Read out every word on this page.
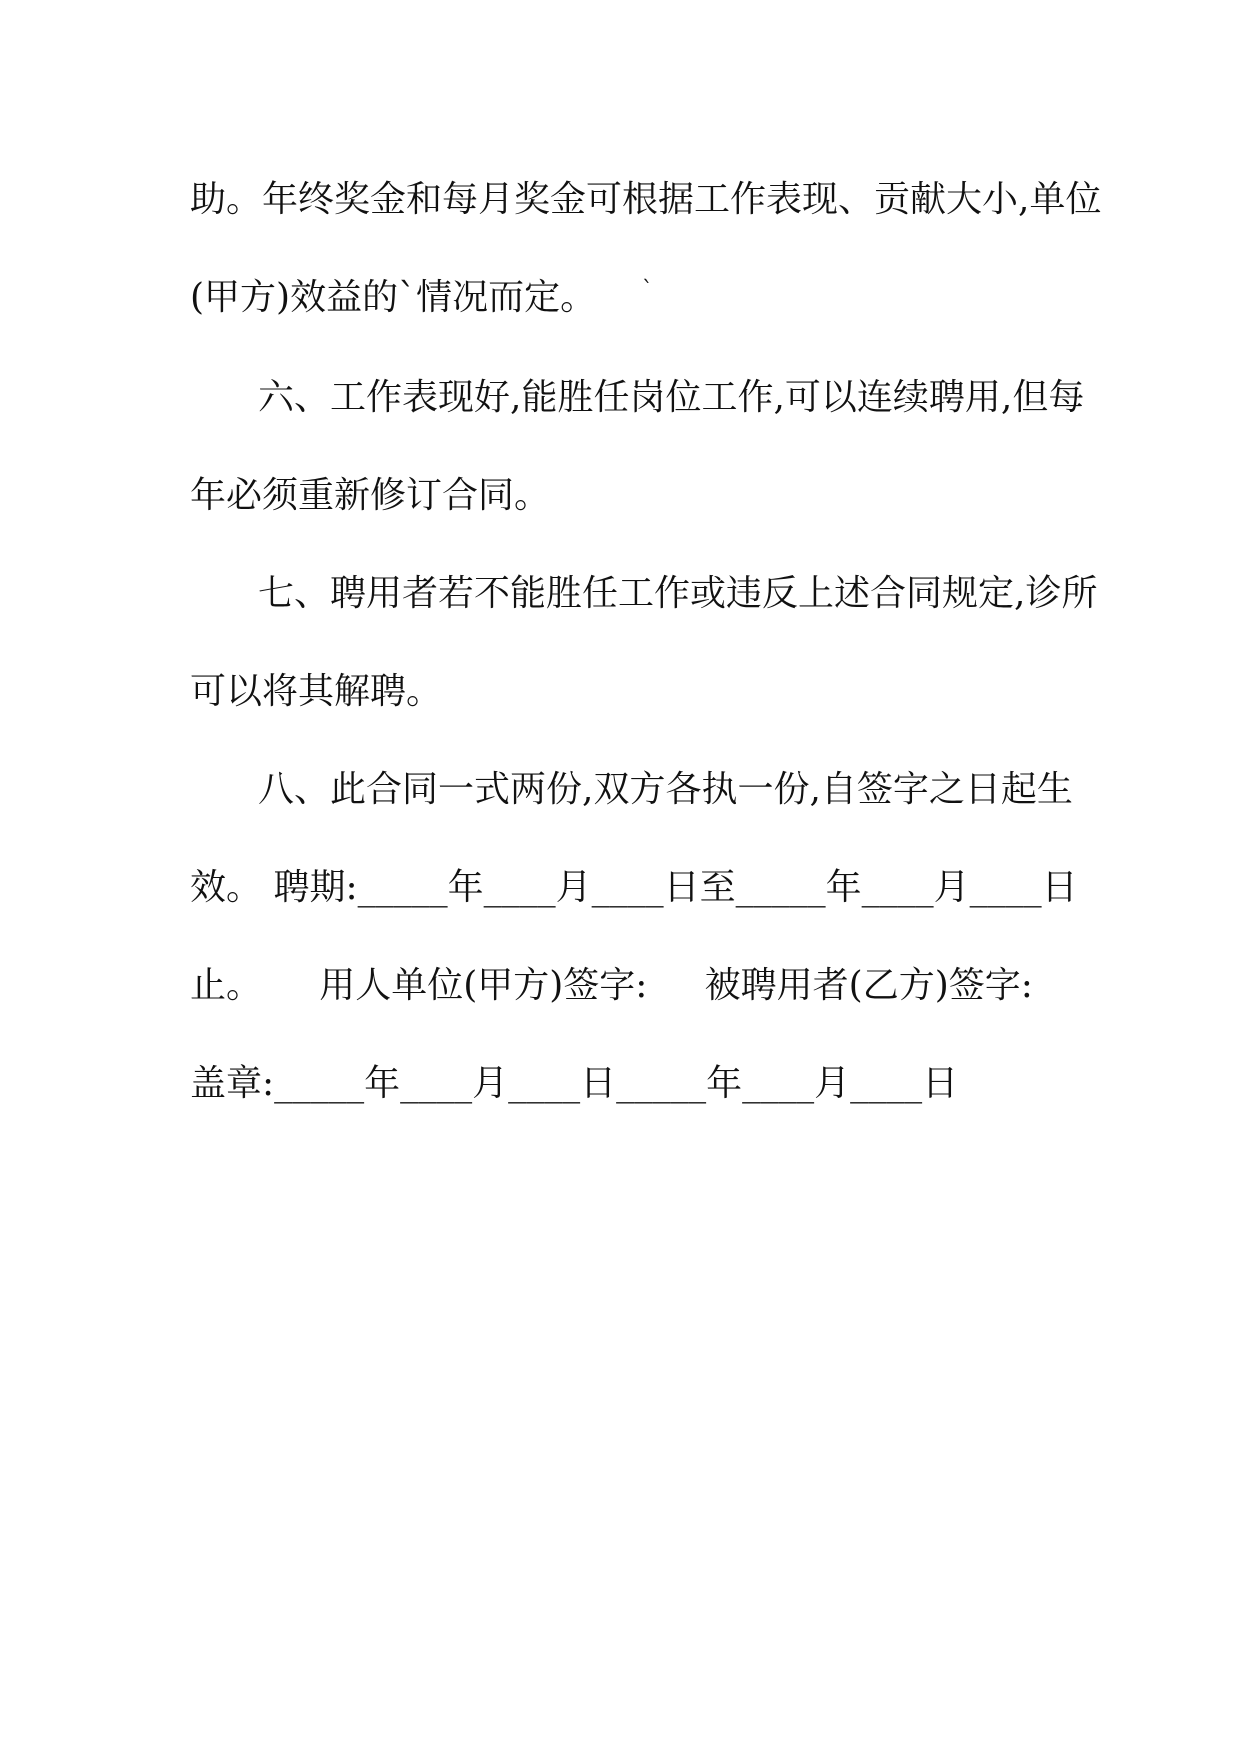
助。年终奖金和每月奖金可根据工作表现、贡献大小,单位
(甲方)效益的`情况而定。	`
六、工作表现好,能胜任岗位工作,可以连续聘用,但每
年必须重新修订合同。
七、聘用者若不能胜任工作或违反上述合同规定,诊所
可以将其解聘。
八、此合同一式两份,双方各执一份,自签字之日起生
效。 聘期:_____年____月____日至_____年____月____日
止。     用人单位(甲方)签字:     被聘用者(乙方)签字:
盖章:_____年____月____日_____年____月____日
